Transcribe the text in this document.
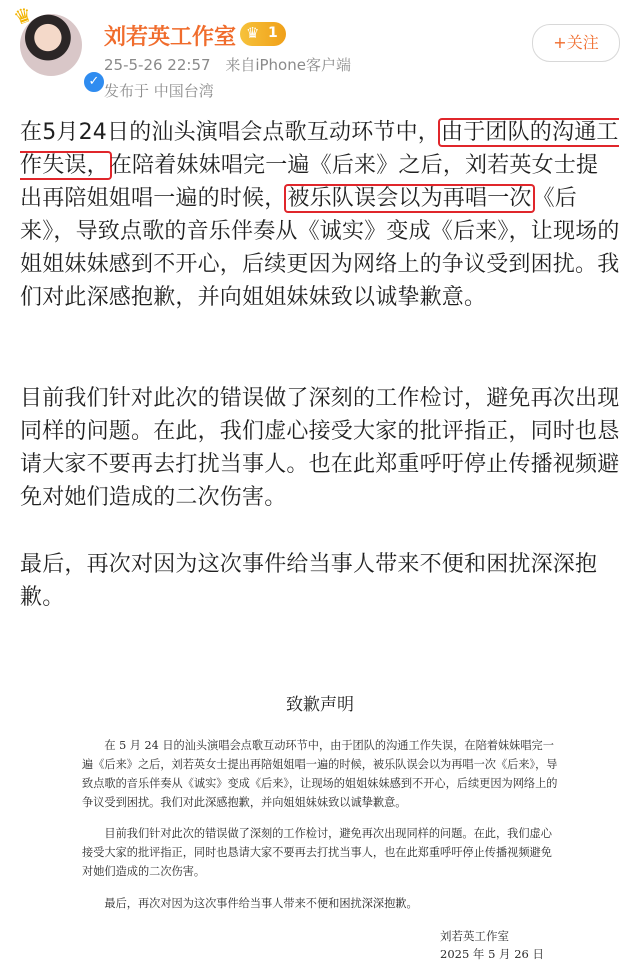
♛
✓
刘若英工作室 ♛ 1
25-5-26 22:57 来自iPhone客户端
发布于 中国台湾
+关注

在5月24日的汕头演唱会点歌互动环节中，由于团队的沟通工作失误，在陪着妹妹唱完一遍《后来》之后，刘若英女士提出再陪姐姐唱一遍的时候，被乐队误会以为再唱一次《后来》，导致点歌的音乐伴奏从《诚实》变成《后来》，让现场的姐姐妹妹感到不开心，后续更因为网络上的争议受到困扰。我们对此深感抱歉，并向姐姐妹妹致以诚挚歉意。

目前我们针对此次的错误做了深刻的工作检讨，避免再次出现同样的问题。在此，我们虚心接受大家的批评指正，同时也恳请大家不要再去打扰当事人。也在此郑重呼吁停止传播视频避免对她们造成的二次伤害。

最后，再次对因为这次事件给当事人带来不便和困扰深深抱歉。

致歉声明

在 5 月 24 日的汕头演唱会点歌互动环节中，由于团队的沟通工作失误，在陪着妹妹唱完一遍《后来》之后，刘若英女士提出再陪姐姐唱一遍的时候，被乐队误会以为再唱一次《后来》，导致点歌的音乐伴奏从《诚实》变成《后来》，让现场的姐姐妹妹感到不开心，后续更因为网络上的争议受到困扰。我们对此深感抱歉，并向姐姐妹妹致以诚挚歉意。

目前我们针对此次的错误做了深刻的工作检讨，避免再次出现同样的问题。在此，我们虚心接受大家的批评指正，同时也恳请大家不要再去打扰当事人，也在此郑重呼吁停止传播视频避免对她们造成的二次伤害。

最后，再次对因为这次事件给当事人带来不便和困扰深深抱歉。

刘若英工作室
2025 年 5 月 26 日
